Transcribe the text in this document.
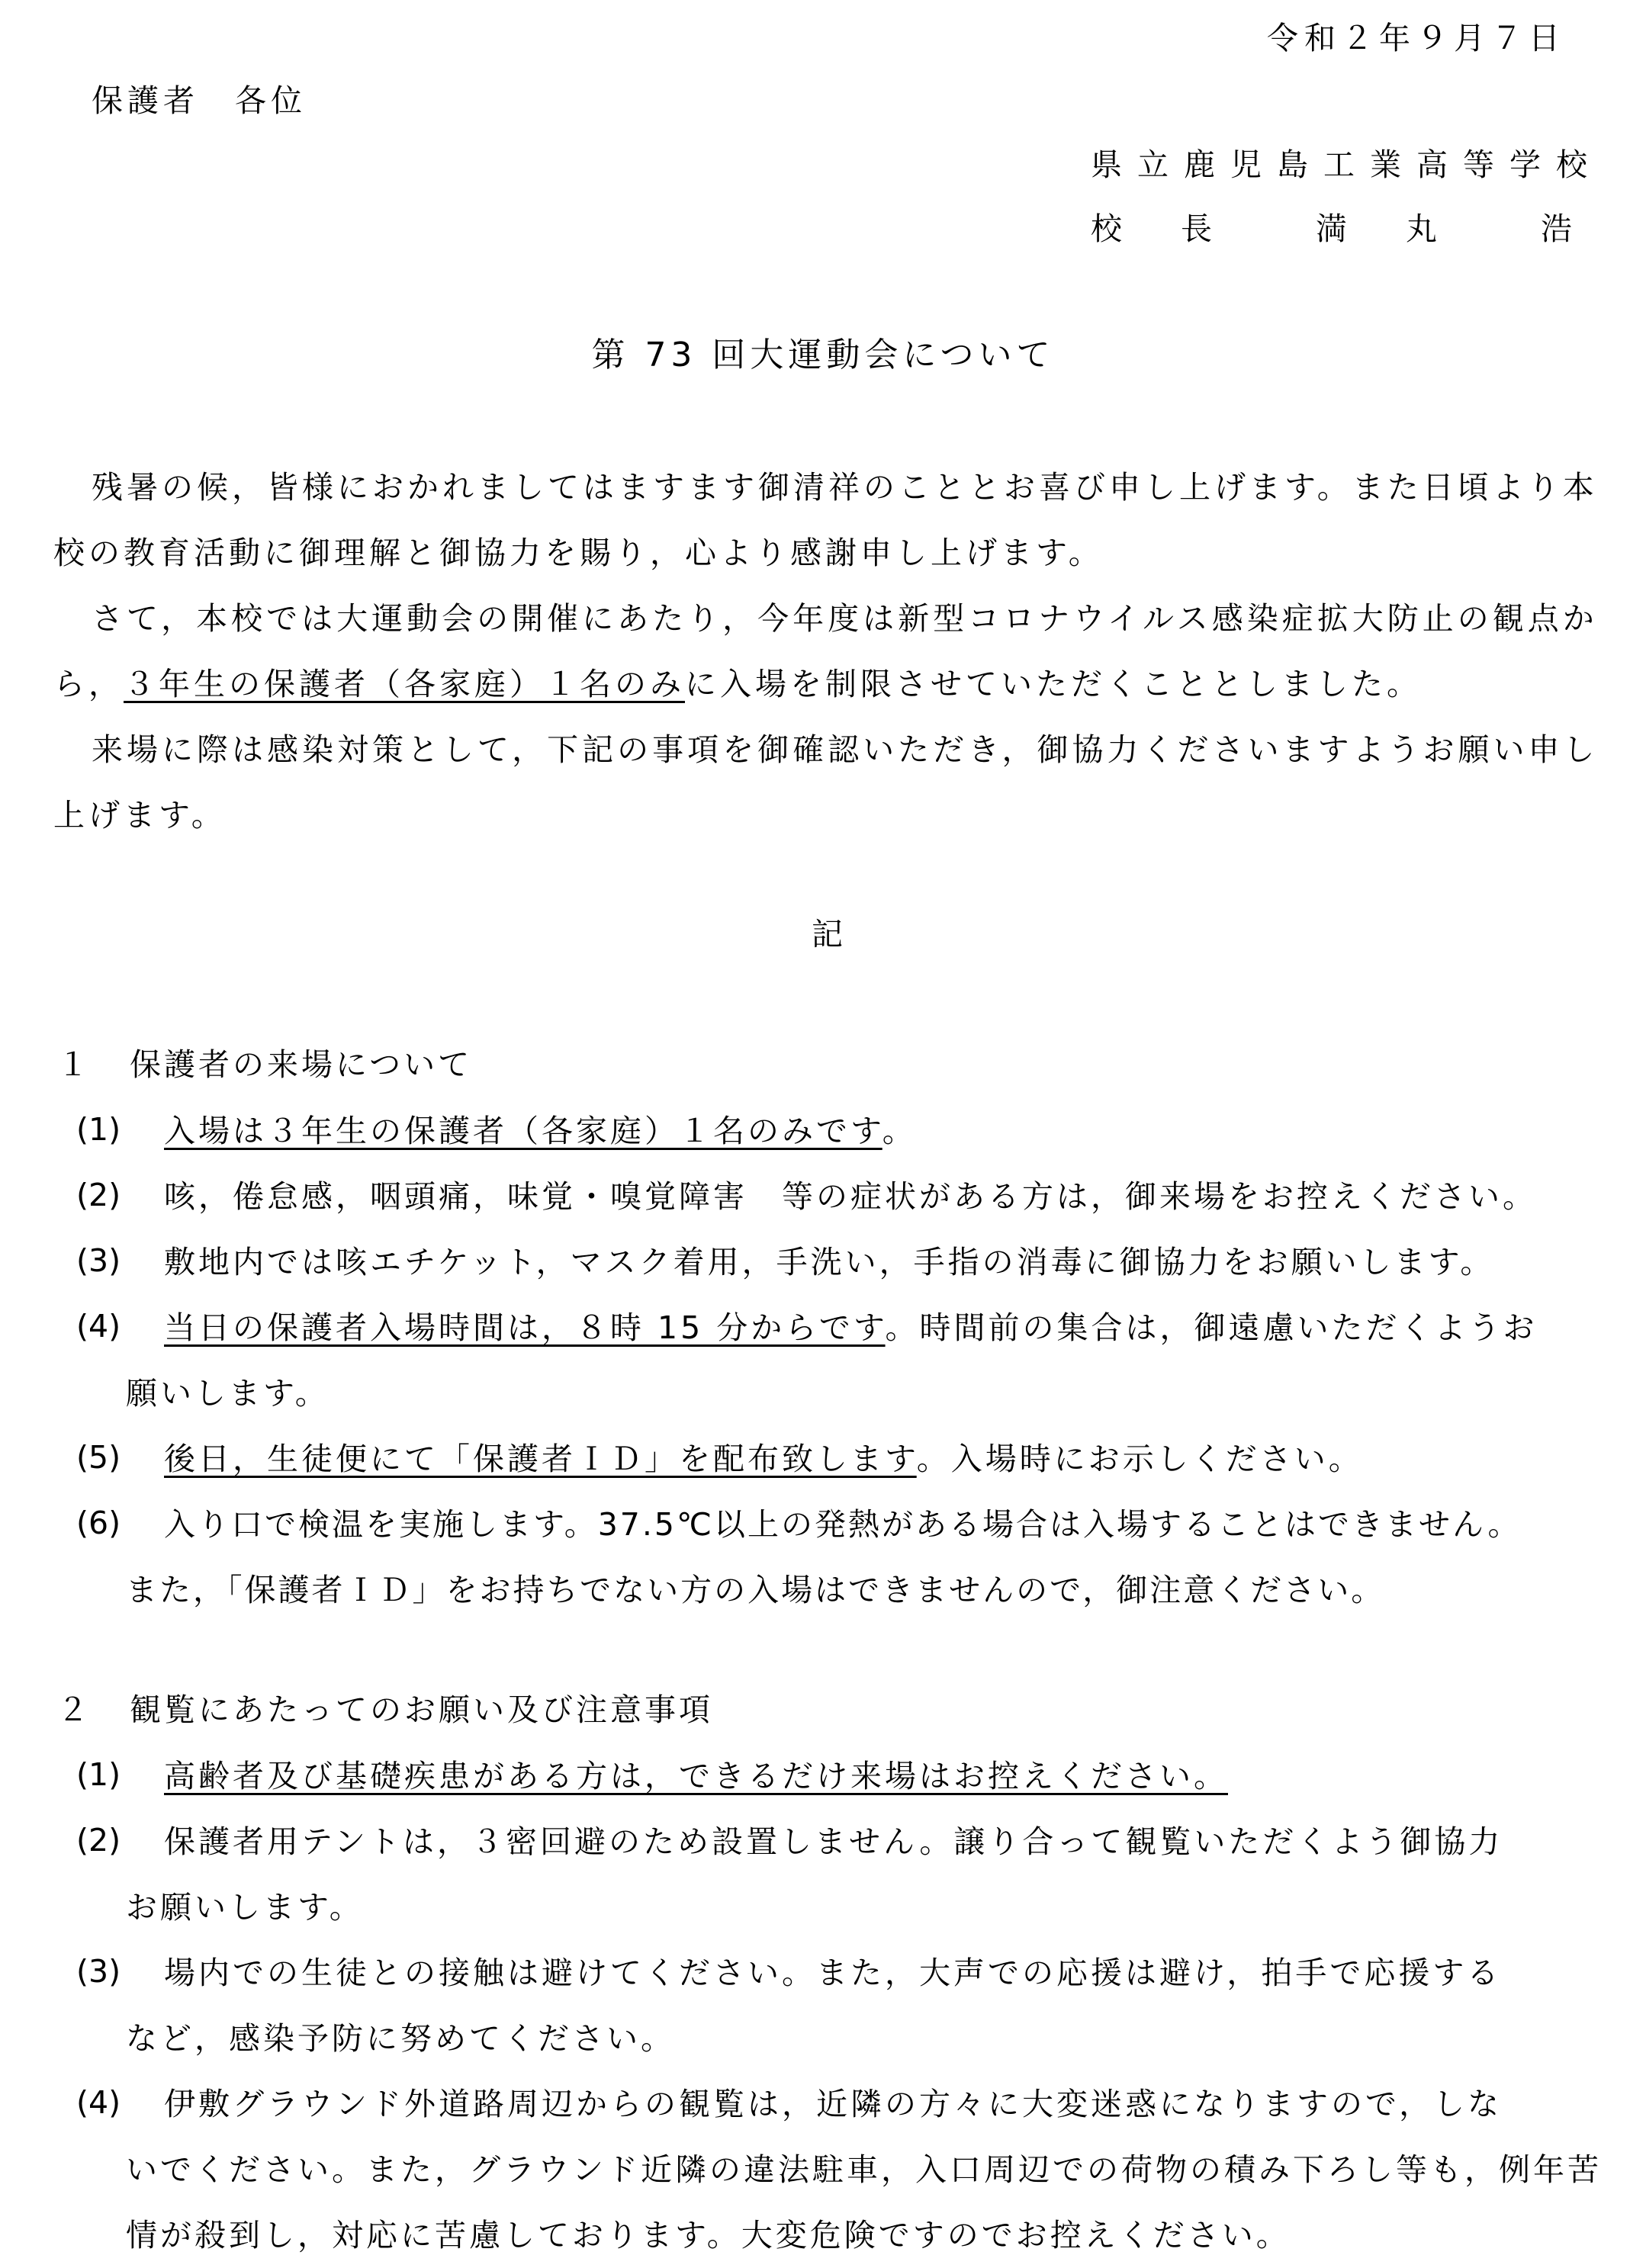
令和２年９月７日
保護者　各位
県立鹿児島工業高等学校
校　長　　満　丸　　浩
第 73 回大運動会について

残暑の候，皆様におかれましてはますます御清祥のこととお喜び申し上げます。また日頃より本校の教育活動に御理解と御協力を賜り，心より感謝申し上げます。

さて，本校では大運動会の開催にあたり，今年度は新型コロナウイルス感染症拡大防止の観点から，３年生の保護者（各家庭）１名のみに入場を制限させていただくこととしました。

来場に際は感染対策として，下記の事項を御確認いただき，御協力くださいますようお願い申し上げます。

記
１ 保護者の来場について
(1) 入場は３年生の保護者（各家庭）１名のみです。

(2) 咳，倦怠感，咽頭痛，味覚・嗅覚障害　等の症状がある方は，御来場をお控えください。

(3) 敷地内では咳エチケット，マスク着用，手洗い，手指の消毒に御協力をお願いします。

(4) 当日の保護者入場時間は，８時 15 分からです。時間前の集合は，御遠慮いただくようお
願いします。

(5) 後日，生徒便にて「保護者ＩＤ」を配布致します。入場時にお示しください。

(6) 入り口で検温を実施します。37.5℃以上の発熱がある場合は入場することはできません。
また，「保護者ＩＤ」をお持ちでない方の入場はできませんので，御注意ください。

２ 観覧にあたってのお願い及び注意事項
(1) 高齢者及び基礎疾患がある方は，できるだけ来場はお控えください。

(2) 保護者用テントは，３密回避のため設置しません。譲り合って観覧いただくよう御協力
お願いします。

(3) 場内での生徒との接触は避けてください。また，大声での応援は避け，拍手で応援する
など，感染予防に努めてください。

(4) 伊敷グラウンド外道路周辺からの観覧は，近隣の方々に大変迷惑になりますので，しな
いでください。また，グラウンド近隣の違法駐車，入口周辺での荷物の積み下ろし等も，例年苦情が殺到し，対応に苦慮しております。大変危険ですのでお控えください。
